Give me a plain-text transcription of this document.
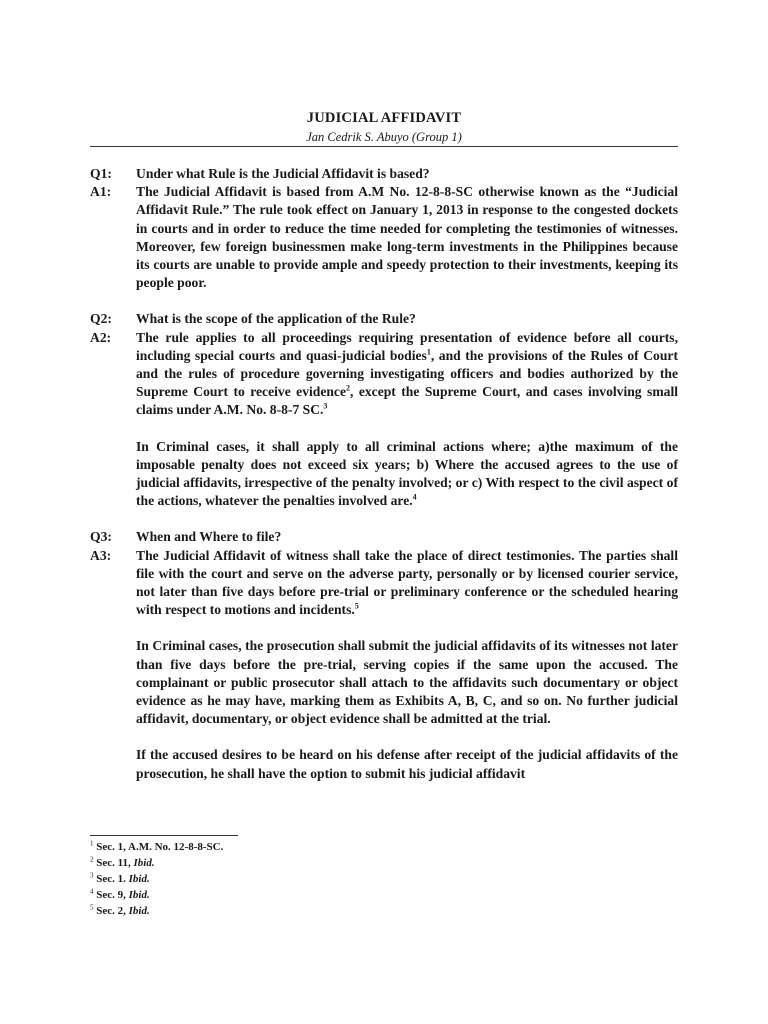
JUDICIAL AFFIDAVIT
Jan Cedrik S. Abuyo (Group 1)
Q1:	Under what Rule is the Judicial Affidavit is based?
A1:	The Judicial Affidavit is based from A.M No. 12-8-8-SC otherwise known as the “Judicial Affidavit Rule.” The rule took effect on January 1, 2013 in response to the congested dockets in courts and in order to reduce the time needed for completing the testimonies of witnesses. Moreover, few foreign businessmen make long-term investments in the Philippines because its courts are unable to provide ample and speedy protection to their investments, keeping its people poor.
Q2:	What is the scope of the application of the Rule?
A2:	The rule applies to all proceedings requiring presentation of evidence before all courts, including special courts and quasi-judicial bodies$^1$, and the provisions of the Rules of Court and the rules of procedure governing investigating officers and bodies authorized by the Supreme Court to receive evidence$^2$, except the Supreme Court, and cases involving small claims under A.M. No. 8-8-7 SC.$^3$
In Criminal cases, it shall apply to all criminal actions where; a)the maximum of the imposable penalty does not exceed six years; b) Where the accused agrees to the use of judicial affidavits, irrespective of the penalty involved; or c) With respect to the civil aspect of the actions, whatever the penalties involved are.$^4$
Q3:	When and Where to file?
A3:	The Judicial Affidavit of witness shall take the place of direct testimonies. The parties shall file with the court and serve on the adverse party, personally or by licensed courier service, not later than five days before pre-trial or preliminary conference or the scheduled hearing with respect to motions and incidents.$^5$
In Criminal cases, the prosecution shall submit the judicial affidavits of its witnesses not later than five days before the pre-trial, serving copies if the same upon the accused. The complainant or public prosecutor shall attach to the affidavits such documentary or object evidence as he may have, marking them as Exhibits A, B, C, and so on. No further judicial affidavit, documentary, or object evidence shall be admitted at the trial.
If the accused desires to be heard on his defense after receipt of the judicial affidavits of the prosecution, he shall have the option to submit his judicial affidavit
$^1$ Sec. 1, A.M. No. 12-8-8-SC.
$^2$ Sec. 11, Ibid.
$^3$ Sec. 1. Ibid.
$^4$ Sec. 9, Ibid.
$^5$ Sec. 2, Ibid.
